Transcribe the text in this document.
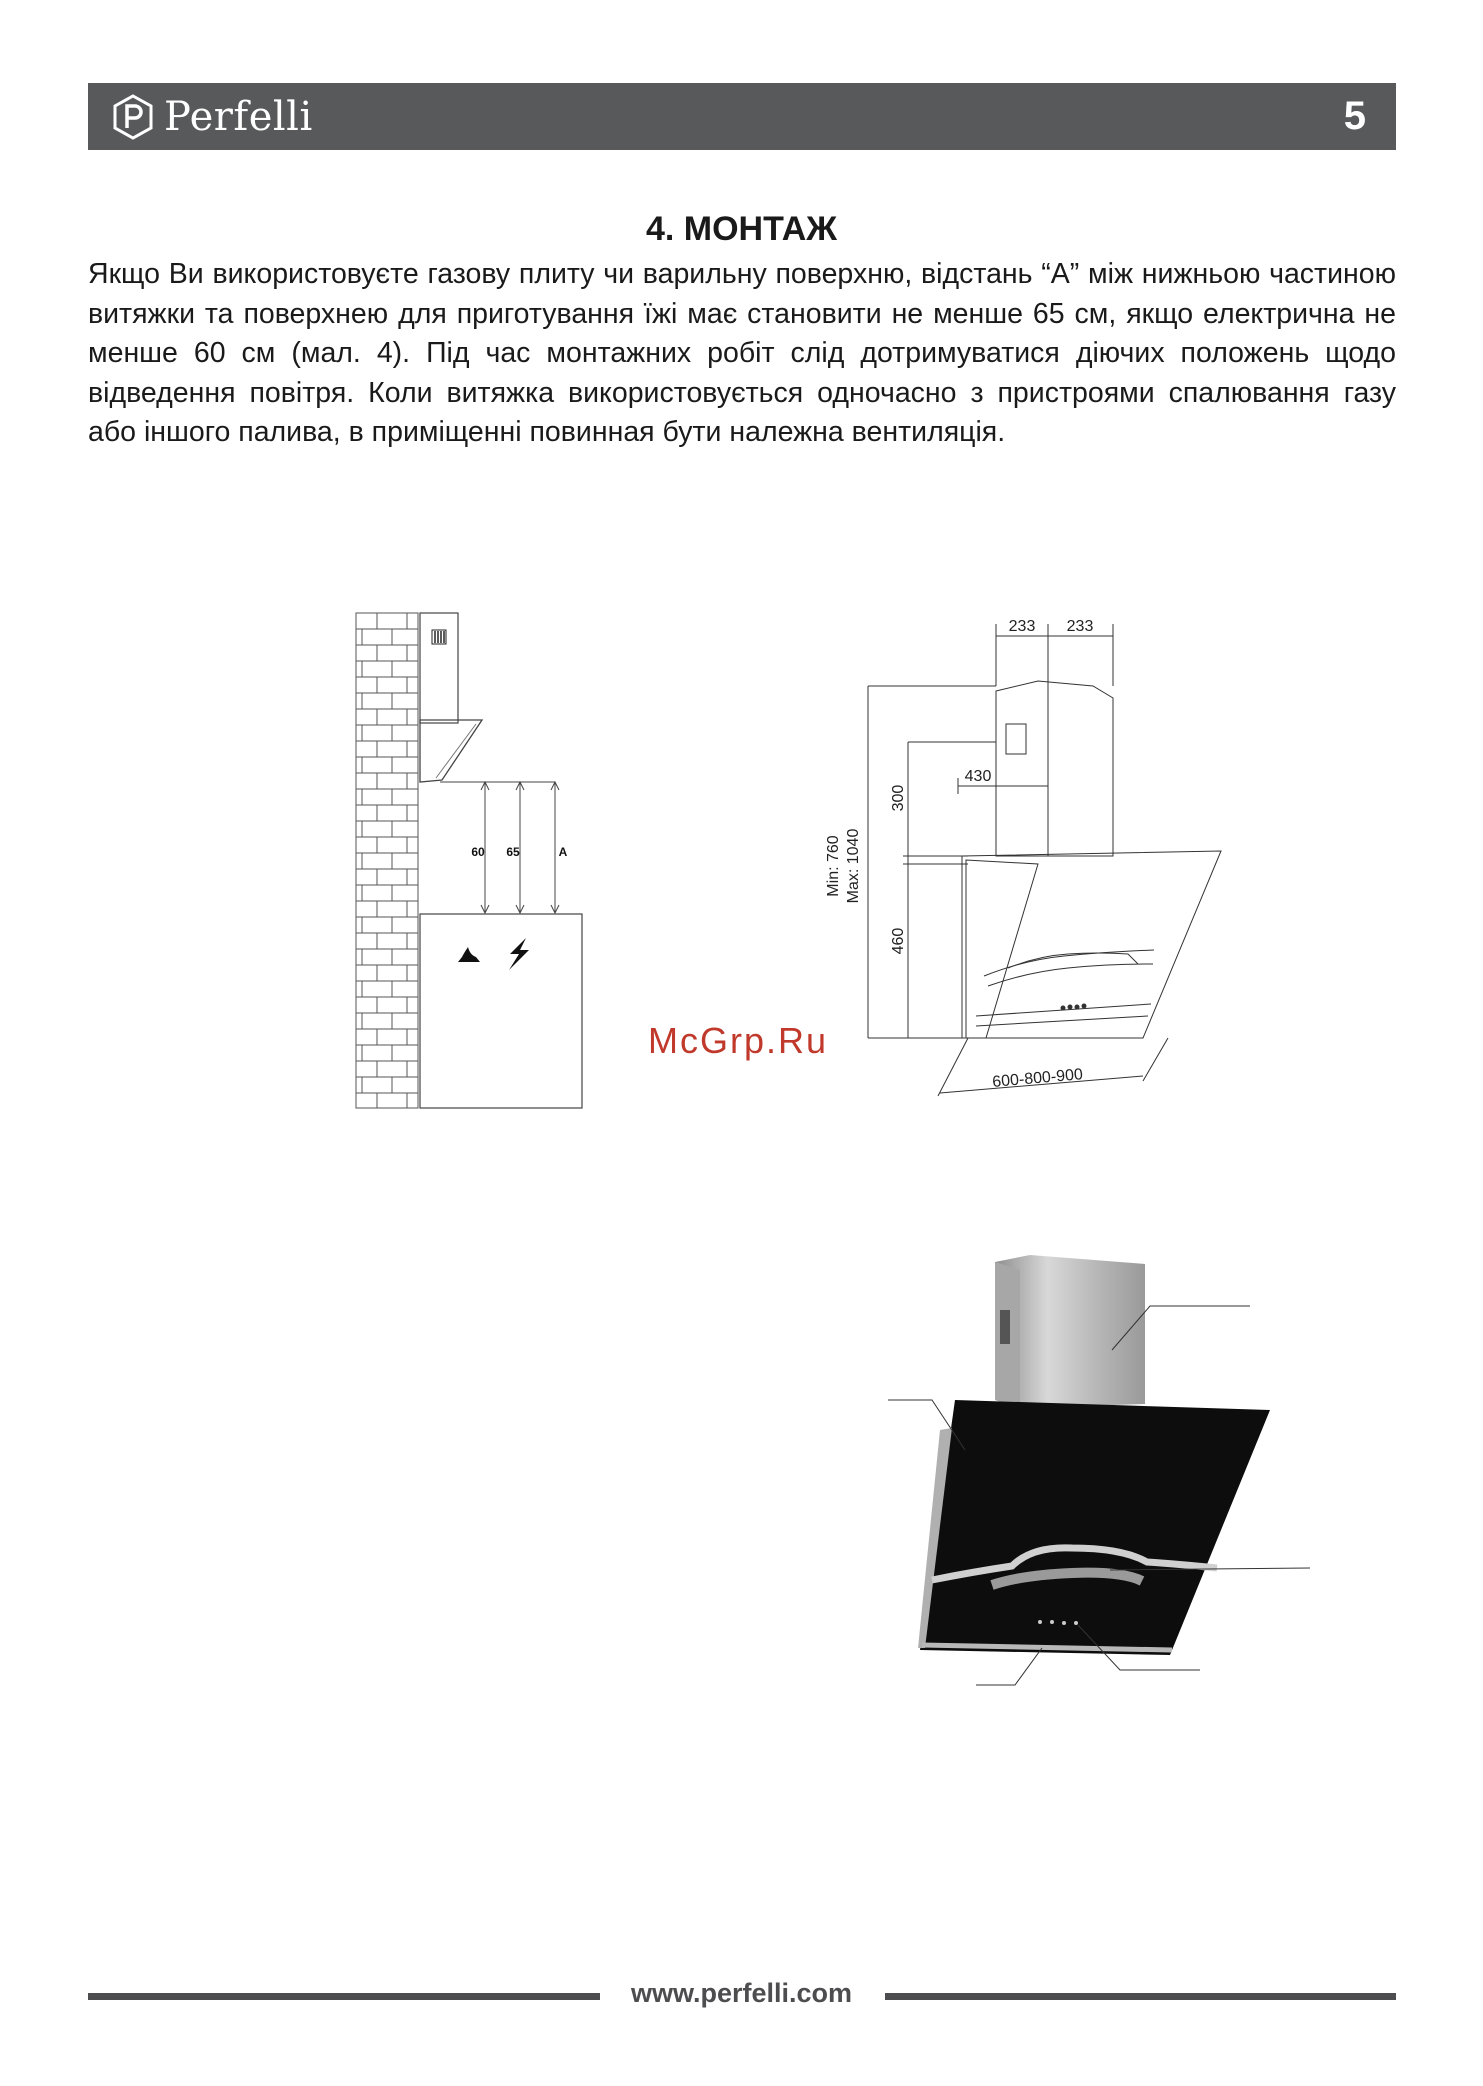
Perfelli	5
4. МОНТАЖ

Якщо Ви використовуєте газову плиту чи варильну поверхню, відстань “А” між нижньою частиною витяжки та поверхнею для приготування їжі має становити не менше 65 см, якщо електрична не менше 60 см (мал. 4). Під час монтажних робіт слід дотримуватися діючих положень щодо відведення повітря. Коли витяжка використовується одночасно з пристроями спалювання газу або іншого палива, в приміщенні повинная бути належна вентиляція.

60 65	A
233 233
430
300
460
Min: 760 Max: 1040
600-800-900
McGrp.Ru
www.perfelli.com
